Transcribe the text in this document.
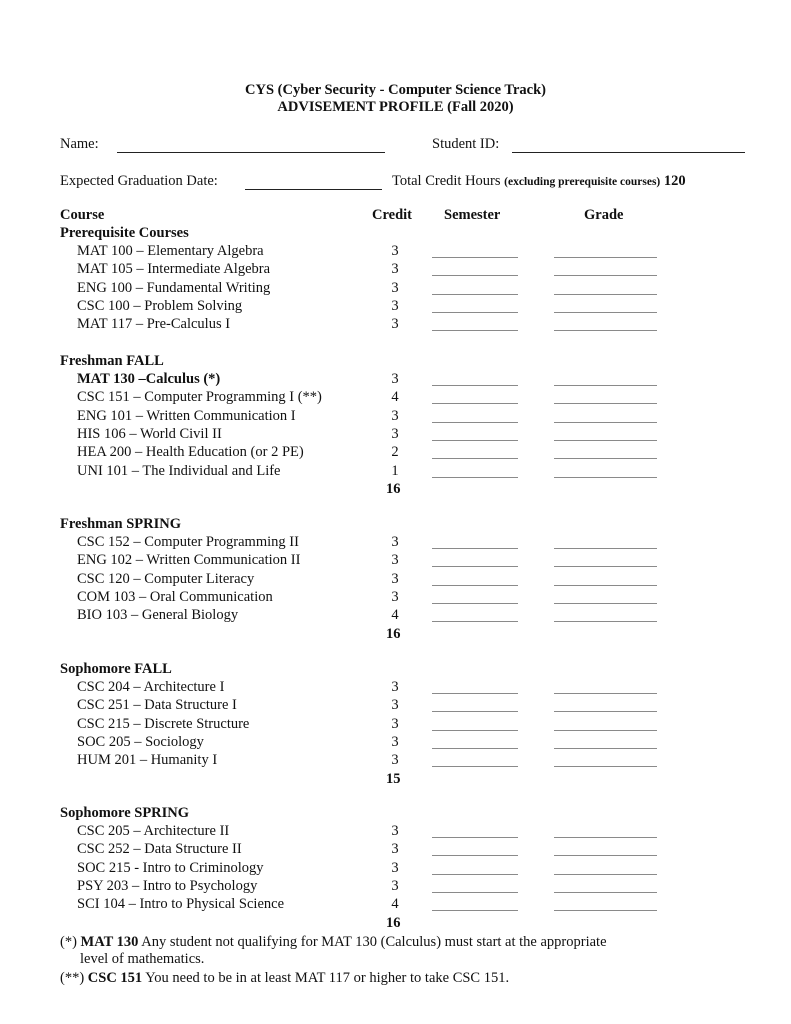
CYS (Cyber Security - Computer Science Track)
ADVISEMENT PROFILE (Fall 2020)
Name:	Student ID:
Expected Graduation Date:	Total Credit Hours (excluding prerequisite courses) 120
Course	Credit Semester	Grade
Prerequisite Courses
MAT 100 – Elementary Algebra	3
MAT 105 – Intermediate Algebra	3
ENG 100 – Fundamental Writing	3
CSC 100 – Problem Solving	3
MAT 117 – Pre-Calculus I	3
Freshman FALL
MAT 130 –Calculus (*)	3
CSC 151 – Computer Programming I (**)	4
ENG 101 – Written Communication I	3
HIS 106 – World Civil II	3
HEA 200 – Health Education (or 2 PE)	2
UNI 101 – The Individual and Life	1
16
Freshman SPRING
CSC 152 – Computer Programming II	3
ENG 102 – Written Communication II	3
CSC 120 – Computer Literacy	3
COM 103 – Oral Communication	3
BIO 103 – General Biology	4
16
Sophomore FALL
CSC 204 – Architecture I	3
CSC 251 – Data Structure I	3
CSC 215 – Discrete Structure	3
SOC 205 – Sociology	3
HUM 201 – Humanity I	3
15
Sophomore SPRING
CSC 205 – Architecture II	3
CSC 252 – Data Structure II	3
SOC 215 - Intro to Criminology	3
PSY 203 – Intro to Psychology	3
SCI 104 – Intro to Physical Science	4
16
(*) MAT 130 Any student not qualifying for MAT 130 (Calculus) must start at the appropriate
level of mathematics.
(**) CSC 151 You need to be in at least MAT 117 or higher to take CSC 151.
